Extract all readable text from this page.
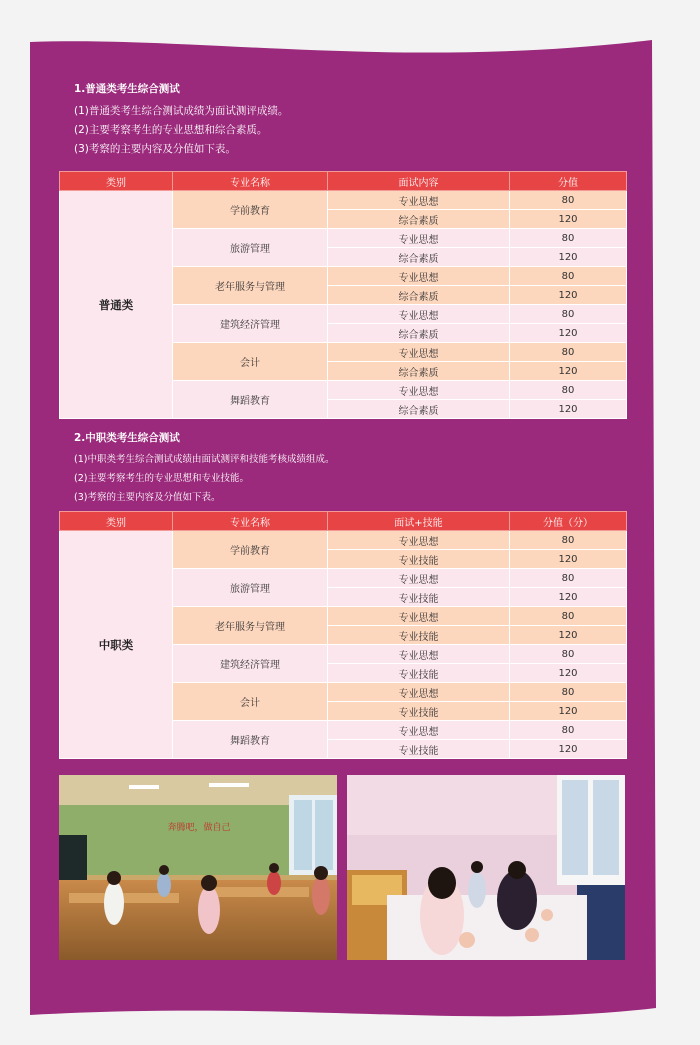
1.普通类考生综合测试

(1)普通类考生综合测试成绩为面试测评成绩。

(2)主要考察考生的专业思想和综合素质。

(3)考察的主要内容及分值如下表。

类别	专业名称	面试内容	分值
普通类	学前教育	专业思想	80
		综合素质	120
	旅游管理	专业思想	80
		综合素质	120
	老年服务与管理	专业思想	80
		综合素质	120
	建筑经济管理	专业思想	80
		综合素质	120
	会计	专业思想	80
		综合素质	120
	舞蹈教育	专业思想	80
		综合素质	120

2.中职类考生综合测试

(1)中职类考生综合测试成绩由面试测评和技能考核成绩组成。

(2)主要考察考生的专业思想和专业技能。

(3)考察的主要内容及分值如下表。

类别	专业名称	面试+技能	分值（分）
中职类	学前教育	专业思想	80
		专业技能	120
	旅游管理	专业思想	80
		专业技能	120
	老年服务与管理	专业思想	80
		专业技能	120
	建筑经济管理	专业思想	80
		专业技能	120
	会计	专业思想	80
		专业技能	120
	舞蹈教育	专业思想	80
		专业技能	120
奔腾吧，做自己
